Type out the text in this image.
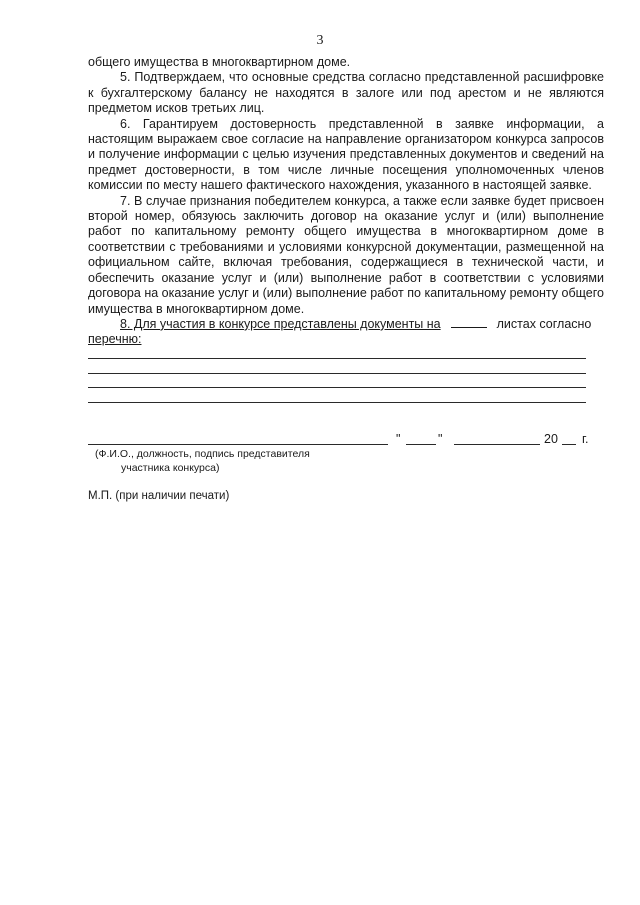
3

общего имущества в многоквартирном доме.

5. Подтверждаем, что основные средства согласно представленной расшифровке к бухгалтерскому балансу не находятся в залоге или под арестом и не являются предметом исков третьих лиц.

6. Гарантируем достоверность представленной в заявке информации, а настоящим выражаем свое согласие на направление организатором конкурса запросов и получение информации с целью изучения представленных документов и сведений на предмет достоверности, в том числе личные посещения уполномоченных членов комиссии по месту нашего фактического нахождения, указанного в настоящей заявке.

7. В случае признания победителем конкурса, а также если заявке будет присвоен второй номер, обязуюсь заключить договор на оказание услуг и (или) выполнение работ по капитальному ремонту общего имущества в многоквартирном доме в соответствии с требованиями и условиями конкурсной документации, размещенной на официальном сайте, включая требования, содержащиеся в технической части, и обеспечить оказание услуг и (или) выполнение работ в соответствии с условиями договора на оказание услуг и (или) выполнение работ по капитальному ремонту общего имущества в многоквартирном доме.

8. Для участия в конкурсе представлены документы на	листах согласно
перечню:

"	"	20 г.
(Ф.И.О., должность, подпись представителя
участника конкурса)
М.П. (при наличии печати)
